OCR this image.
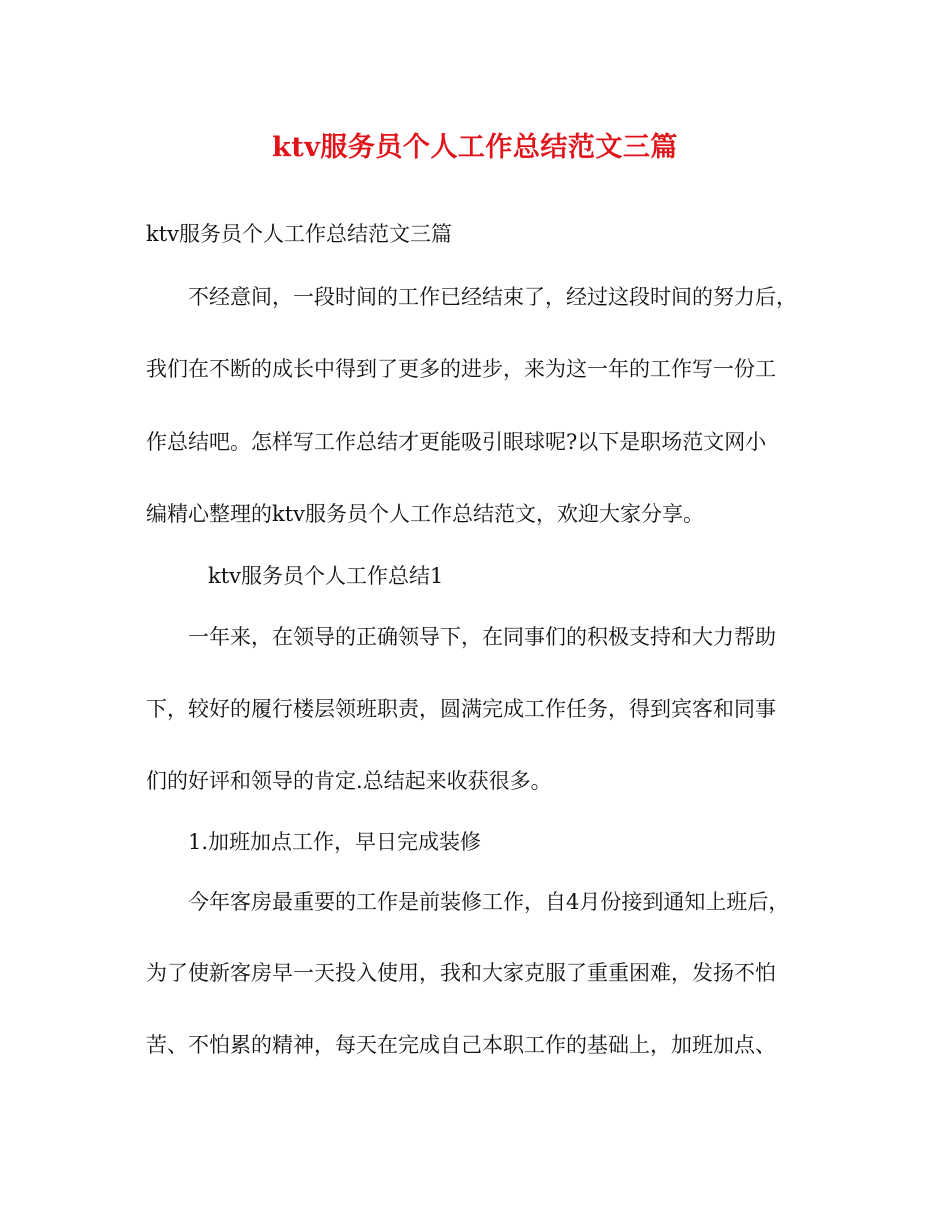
ktv服务员个人工作总结范文三篇
ktv服务员个人工作总结范文三篇
不经意间，一段时间的工作已经结束了，经过这段时间的努力后，
我们在不断的成长中得到了更多的进步，来为这一年的工作写一份工
作总结吧。怎样写工作总结才更能吸引眼球呢?以下是职场范文网小
编精心整理的ktv服务员个人工作总结范文，欢迎大家分享。
ktv服务员个人工作总结1
一年来，在领导的正确领导下，在同事们的积极支持和大力帮助
下，较好的履行楼层领班职责，圆满完成工作任务，得到宾客和同事
们的好评和领导的肯定.总结起来收获很多。
1.加班加点工作，早日完成装修
今年客房最重要的工作是前装修工作，自4月份接到通知上班后，
为了使新客房早一天投入使用，我和大家克服了重重困难，发扬不怕
苦、不怕累的精神，每天在完成自己本职工作的基础上，加班加点、
